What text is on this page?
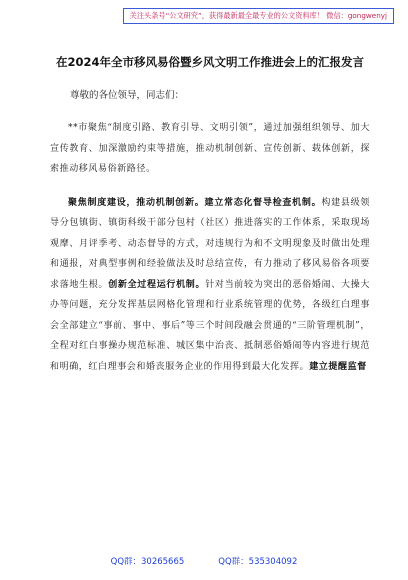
关注头条号“公文研究”，获得最新最全最专业的公文资料库！ 微信：gongwenyj
在2024年全市移风易俗暨乡风文明工作推进会上的汇报发言
尊敬的各位领导，同志们：

**市聚焦“制度引路、教育引导、文明引领”，通过加强组织领导、加大宣传教育、加深激励约束等措施，推动机制创新、宣传创新、载体创新，探索推动移风易俗新路径。

聚焦制度建设，推动机制创新。建立常态化督导检查机制。构建县级领导分包镇街、镇街科级干部分包村（社区）推进落实的工作体系，采取现场观摩、月评季考、动态督导的方式，对违规行为和不文明现象及时做出处理和通报，对典型事例和经验做法及时总结宣传，有力推动了移风易俗各项要求落地生根。创新全过程运行机制。针对当前较为突出的恶俗婚闹、大操大办等问题，充分发挥基层网格化管理和行业系统管理的优势，各级红白理事会全部建立“事前、事中、事后”等三个时间段融会贯通的“三阶管理机制”，全程对红白事操办规范标准、城区集中治丧、抵制恶俗婚闹等内容进行规范和明确，红白理事会和婚丧服务企业的作用得到最大化发挥。建立提醒监督

QQ群：30265665	QQ群：535304092
